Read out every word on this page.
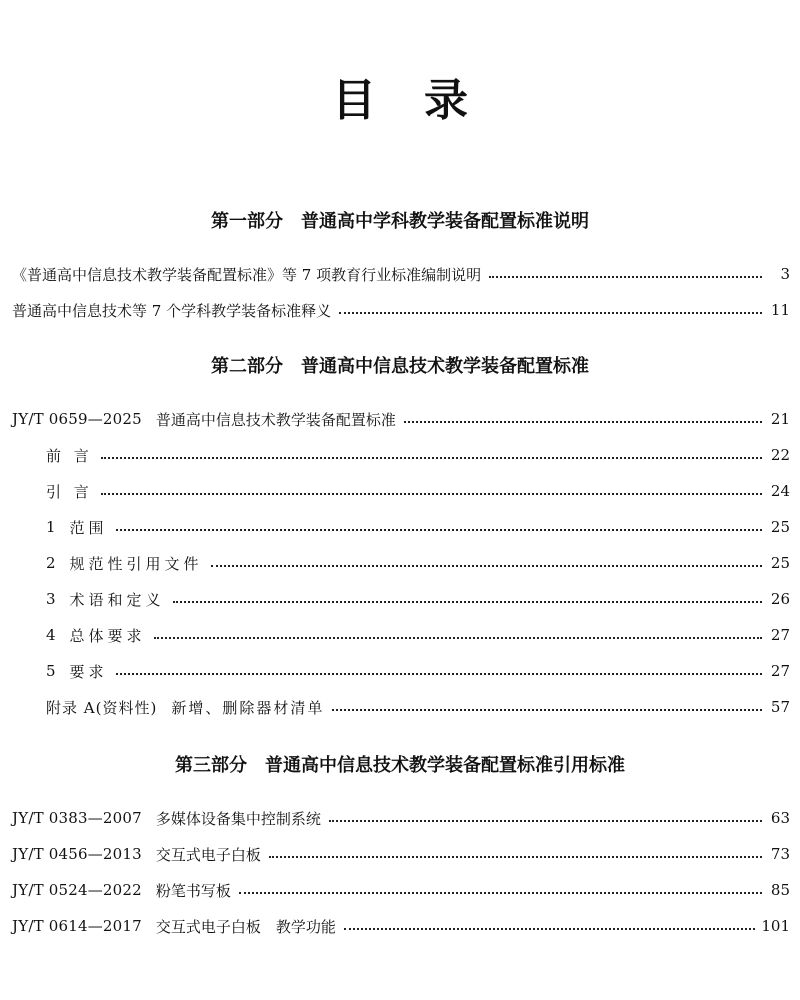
目 录
第一部分 普通高中学科教学装备配置标准说明
《普通高中信息技术教学装备配置标准》等 7 项教育行业标准编制说明	3
普通高中信息技术等 7 个学科教学装备标准释义	11
第二部分 普通高中信息技术教学装备配置标准
JY/T 0659—2025 普通高中信息技术教学装备配置标准	21
前 言	22
引 言	24
1 范围	25
2 规范性引用文件	25
3 术语和定义	26
4 总体要求	27
5 要求	27
附录 A(资料性) 新增、删除器材清单	57
第三部分 普通高中信息技术教学装备配置标准引用标准
JY/T 0383—2007 多媒体设备集中控制系统	63
JY/T 0456—2013 交互式电子白板	73
JY/T 0524—2022 粉笔书写板	85
JY/T 0614—2017 交互式电子白板　教学功能	101
